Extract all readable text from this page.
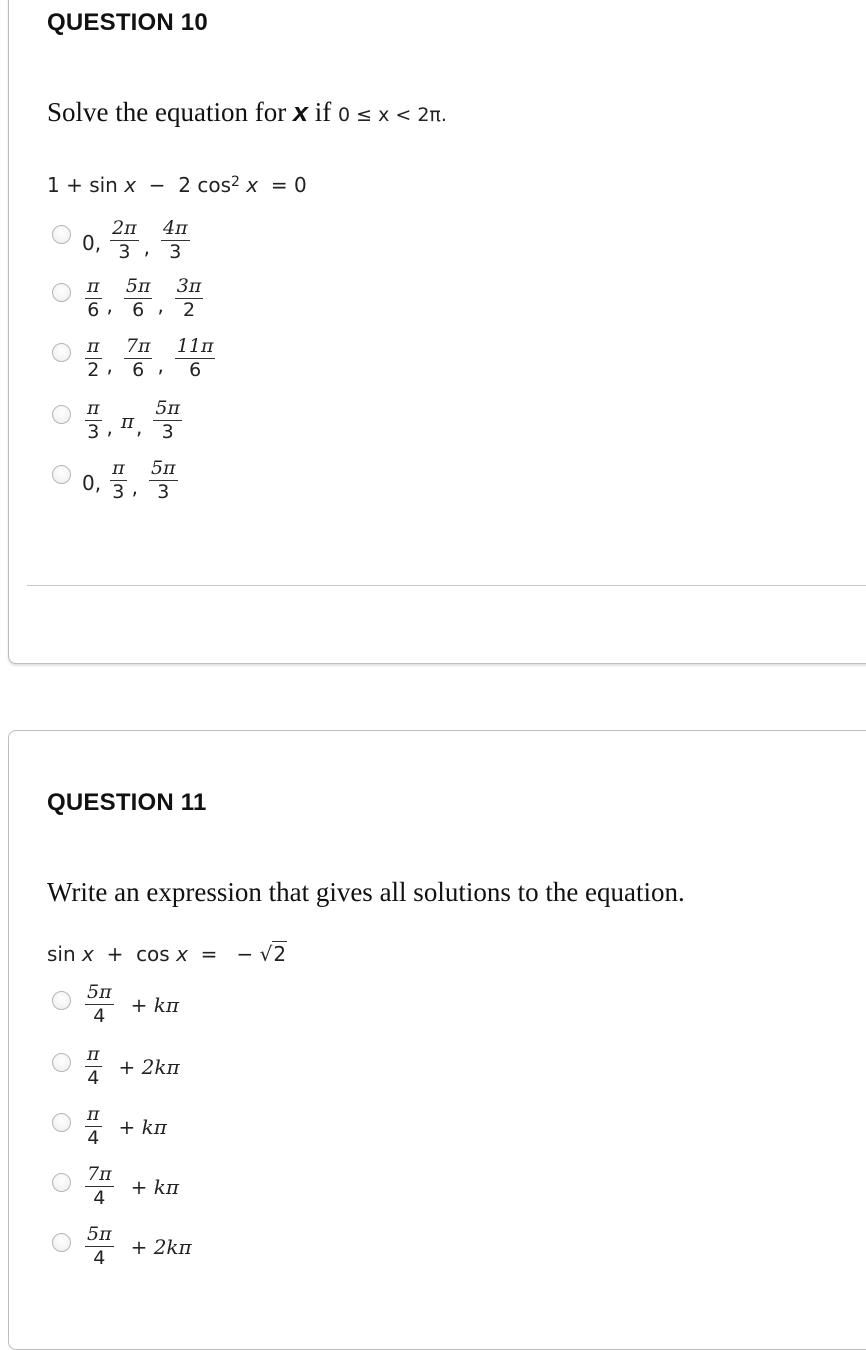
QUESTION 10
Solve the equation for x if 0 ≤ x < 2π.
1 + sin
x
−
2 $\cos^2$
x
= 0
0, $\frac{2\pi}{3}$ , $\frac{4\pi}{3}$
$\frac{\pi}{6}$ , $\frac{5\pi}{6}$ , $\frac{3\pi}{2}$
$\frac{\pi}{2}$ , $\frac{7\pi}{6}$ , $\frac{11\pi}{6}$
$\frac{\pi}{3}$ , π , $\frac{5\pi}{3}$
0, $\frac{\pi}{3}$ , $\frac{5\pi}{3}$
QUESTION 11
Write an expression that gives all solutions to the equation.
sin
x
+
cos
x
=
−
√ 2
$\frac{5\pi}{4} + k\pi$
$\frac{\pi}{4} + 2k\pi$
$\frac{\pi}{4} + k\pi$
$\frac{7\pi}{4} + k\pi$
$\frac{5\pi}{4} + 2k\pi$
